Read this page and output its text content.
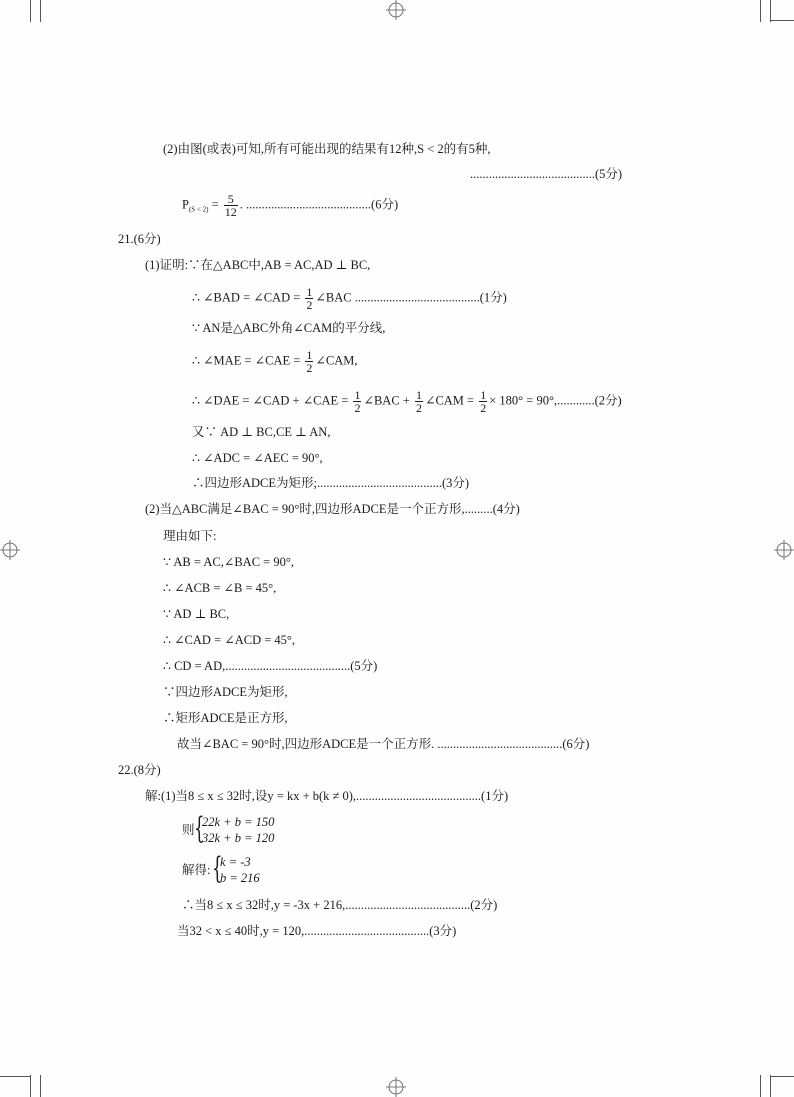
(2)由图(或表)可知,所有可能出现的结果有12种,S < 2的有5种,
........................................(5分)
$P_{(S < 2)} = \frac{5}{12}$ . ........................................(6分)
21.(6分)
(1)证明:∵在△ABC中,AB = AC,AD ⊥ BC,
∴ ∠BAD = ∠CAD = $\frac{1}{2}$ ∠BAC ........................................(1分)
∵ AN是△ABC外角∠CAM的平分线,
∴ ∠MAE = ∠CAE = $\frac{1}{2}$ ∠CAM,
∴ ∠DAE = ∠CAD + ∠CAE = $\frac{1}{2}$ ∠BAC + $\frac{1}{2}$ ∠CAM = $\frac{1}{2} \times 180^\circ = 90^\circ,............(2$分)
又∵ AD ⊥ BC,CE ⊥ AN,
∴ ∠ADC = ∠AEC = 90°,
∴四边形ADCE为矩形;........................................(3分)
(2)当△ABC满足∠BAC = 90°时,四边形ADCE是一个正方形,.........(4分)
理由如下:
∵ AB = AC,∠BAC = 90°,
∴ ∠ACB = ∠B = 45°,
∵ AD ⊥ BC,
∴ ∠CAD = ∠ACD = 45°,
∴ CD = AD,........................................(5分)
∵四边形ADCE为矩形,
∴矩形ADCE是正方形,
故当∠BAC = 90°时,四边形ADCE是一个正方形. ........................................(6分)
22.(8分)
解:(1)当8 ≤ x ≤ 32时,设y = kx + b(k ≠ 0),........................................(1分)
则 {
22k + b = 150
32k + b = 120
解得: {
k = -3
b = 216
∴当8 ≤ x ≤ 32时,y = -3x + 216,........................................(2分)
当32 < x ≤ 40时,y = 120,........................................(3分)
